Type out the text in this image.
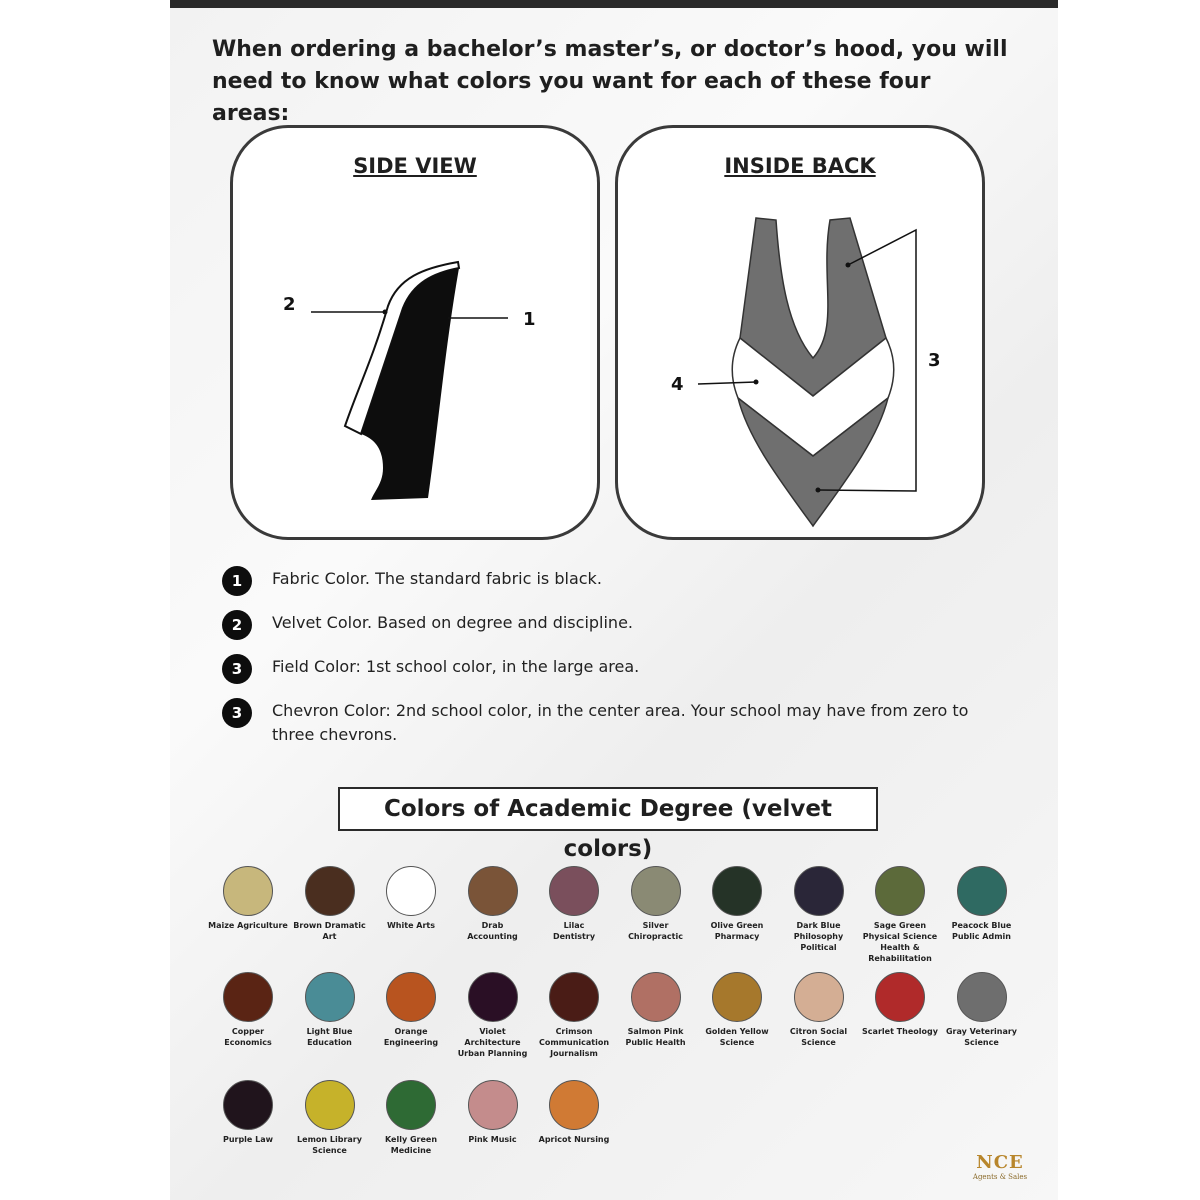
When ordering a bachelor’s master’s, or doctor’s hood, you will need to know what colors you want for each of these four areas:
SIDE VIEW
2
1
INSIDE BACK
3
4
1	Fabric Color. The standard fabric is black.
2	Velvet Color. Based on degree and discipline.
3	Field Color: 1st school color, in the large area.
3	Chevron Color: 2nd school color, in the center area. Your school may have from zero to three chevrons.
Colors of Academic Degree (velvet colors)
Maize Agriculture Brown Dramatic
Art
White Arts	Drab
Accounting
Lilac
Dentistry
Silver Chiropractic
Olive Green
Pharmacy
Dark Blue
Philosophy
Political
Sage Green
Physical Science
Health &
Rehabilitation
Peacock Blue
Public Admin
Copper
Economics
Light Blue
Education
Orange
Engineering
Violet
Architecture
Urban Planning
Crimson
Communication
Journalism
Salmon Pink
Public Health
Golden Yellow
Science
Citron Social
Science
Scarlet Theology	Gray Veterinary
Science
Purple Law	Lemon Library
Science
Kelly Green
Medicine
Pink Music	Apricot Nursing
NCE
Agents & Sales
